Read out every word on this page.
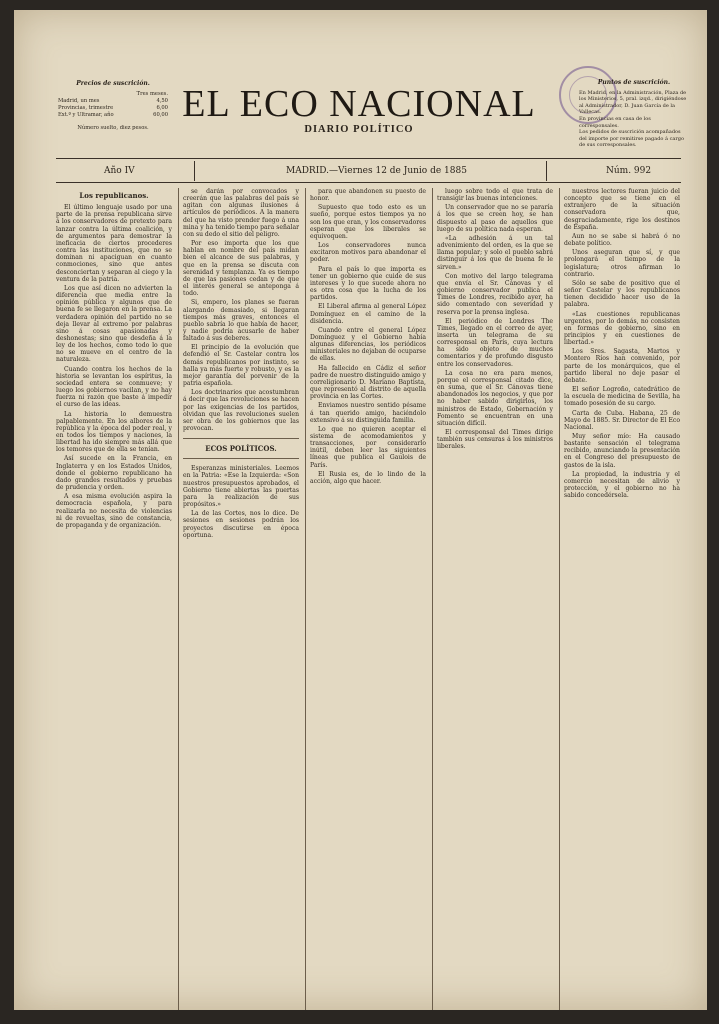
Precios de suscrición.
Tres meses.
Madrid, un mes	4,50
Provincias, trimestre	6,00
Ext.º y Ultramar, año	60,00
Número suelto, diez pesos.
EL ECO NACIONAL
DIARIO POLÍTICO
Puntos de suscrición.
En Madrid, en la Administración, Plaza de los Ministerios, 5, pral. izqd., dirigiéndose al Administrador, D. Juan García de la Vallecas.
En provincias en casa de los corresponsales.
Los pedidos de suscrición acompañados del importe por remitirse pagado á cargo de sus corresponsales.
Año IV	MADRID.—Viernes 12 de Junio de 1885	Núm. 992
Los republicanos.

El último lenguaje usado por una parte de la prensa republicana sirve á los conservadores de pretexto para lanzar contra la última coalición, y de argumentos para demostrar la ineficacia de ciertos procederes contra las instituciones, que no se dominan ni apaciguan en cuanto conmociones, sino que antes desconciertan y separan al ciego y la ventura de la patria.

Los que así dicen no advierten la diferencia que media entre la opinión pública y algunos que de buena fe se llegaron en la prensa. La verdadera opinión del partido no se deja llevar al extremo por palabras sino á cosas apasionadas y deshonestas; sino que desdeña á la ley de los hechos, como todo lo que no se mueve en el centro de la naturaleza.

Cuando contra los hechos de la historia se levantan los espíritus, la sociedad entera se conmueve; y luego los gobiernos vacilan, y no hay fuerza ni razón que baste á impedir el curso de las ideas.

La historia lo demuestra palpablemente. En los albores de la república y la época del poder real, y en todos los tiempos y naciones, la libertad ha ido siempre más allá que los temores que de ella se tenían.

Así sucede en la Francia, en Inglaterra y en los Estados Unidos, donde el gobierno republicano ha dado grandes resultados y pruebas de prudencia y orden.

A esa misma evolución aspira la democracia española, y para realizarla no necesita de violencias ni de revueltas, sino de constancia, de propaganda y de organización.

se darán por convocados y creerán que las palabras del país se agitan con algunas ilusiones á artículos de periódicos. A la manera del que ha visto prender fuego á una mina y ha tenido tiempo para señalar con su dedo el sitio del peligro.

Por eso importa que los que hablan en nombre del país midan bien el alcance de sus palabras, y que en la prensa se discuta con serenidad y templanza. Ya es tiempo de que las pasiones cedan y de que el interés general se anteponga á todo.

Si, empero, los planes se fueran alargando demasiado, si llegaran tiempos más graves, entonces el pueblo sabría lo que había de hacer, y nadie podría acusarle de haber faltado á sus deberes.

El principio de la evolución que defendió el Sr. Castelar contra los demás republicanos por instinto, se halla ya más fuerte y robusto, y es la mejor garantía del porvenir de la patria española.

Los doctrinarios que acostumbran á decir que las revoluciones se hacen por las exigencias de los partidos, olvidan que las revoluciones suelen ser obra de los gobiernos que las provocan.

ECOS POLÍTICOS.

Esperanzas ministeriales. Leemos en la Patria: «Ese la Izquierda: «Son nuestros presupuestos aprobados, el Gobierno tiene abiertas las puertas para la realización de sus propósitos.»

La de las Cortes, nos lo dice. De sesiones en sesiones podrán los proyectos discutirse en época oportuna.

para que abandonen su puesto de honor.

Supuesto que todo esto es un sueño, porque estos tiempos ya no son los que eran, y los conservadores esperan que los liberales se equivoquen.

Los conservadores nunca excitaron motivos para abandonar el poder.

Para el país lo que importa es tener un gobierno que cuide de sus intereses y lo que sucede ahora no es otra cosa que la lucha de los partidos.

El Liberal afirma al general López Domínguez en el camino de la disidencia.

Cuando entre el general López Domínguez y el Gobierno había algunas diferencias, los periódicos ministeriales no dejaban de ocuparse de ellas.

Ha fallecido en Cádiz el señor padre de nuestro distinguido amigo y correligionario D. Mariano Baptista, que representó al distrito de aquella provincia en las Cortes.

Enviamos nuestro sentido pésame á tan querido amigo, haciéndolo extensivo á su distinguida familia.

Lo que no quieren aceptar el sistema de acomodamientos y transacciones, por considerarlo inútil, deben leer las siguientes líneas que publica el Gaulois de París.

El Rusia es, de lo lindo de la acción, algo que hacer.

luego sobre todo el que trata de transigir las buenas intenciones.

Un conservador que no se pararía á los que se creen hoy, se han dispuesto al paso de aquellos que luego de su política nada esperan.

«La adhesión á un tal advenimiento del orden, es la que se llama popular; y solo el pueblo sabrá distinguir á los que de buena fe le sirven.»

Con motivo del largo telegrama que envía el Sr. Cánovas y el gobierno conservador publica el Times de Londres, recibido ayer, ha sido comentado con severidad y reserva por la prensa inglesa.

El periódico de Londres The Times, llegado en el correo de ayer, inserta un telegrama de su corresponsal en París, cuya lectura ha sido objeto de muchos comentarios y de profundo disgusto entre los conservadores.

La cosa no era para menos, porque el corresponsal citado dice, en suma, que el Sr. Cánovas tiene abandonados los negocios, y que por no haber sabido dirigirlos, los ministros de Estado, Gobernación y Fomento se encuentran en una situación difícil.

El corresponsal del Times dirige también sus censuras á los ministros liberales.

nuestros lectores fueran juicio del concepto que se tiene en el extranjero de la situación conservadora que, desgraciadamente, rige los destinos de España.

Aun no se sabe si habrá ó no debate político.

Unos aseguran que sí, y que prolongará el tiempo de la legislatura; otros afirman lo contrario.

Sólo se sabe de positivo que el señor Castelar y los republicanos tienen decidido hacer uso de la palabra.

«Las cuestiones republicanas urgentes, por lo demás, no consisten en formas de gobierno, sino en principios y en cuestiones de libertad.»

Los Sres. Sagasta, Martos y Montero Ríos han convenido, por parte de los monárquicos, que el partido liberal no deje pasar el debate.

El señor Logroño, catedrático de la escuela de medicina de Sevilla, ha tomado posesión de su cargo.

Carta de Cuba. Habana, 25 de Mayo de 1885. Sr. Director de El Eco Nacional.

Muy señor mío: Ha causado bastante sensación el telegrama recibido, anunciando la presentación en el Congreso del presupuesto de gastos de la isla.

La propiedad, la industria y el comercio necesitan de alivio y protección, y el gobierno no ha sabido concedérsela.
